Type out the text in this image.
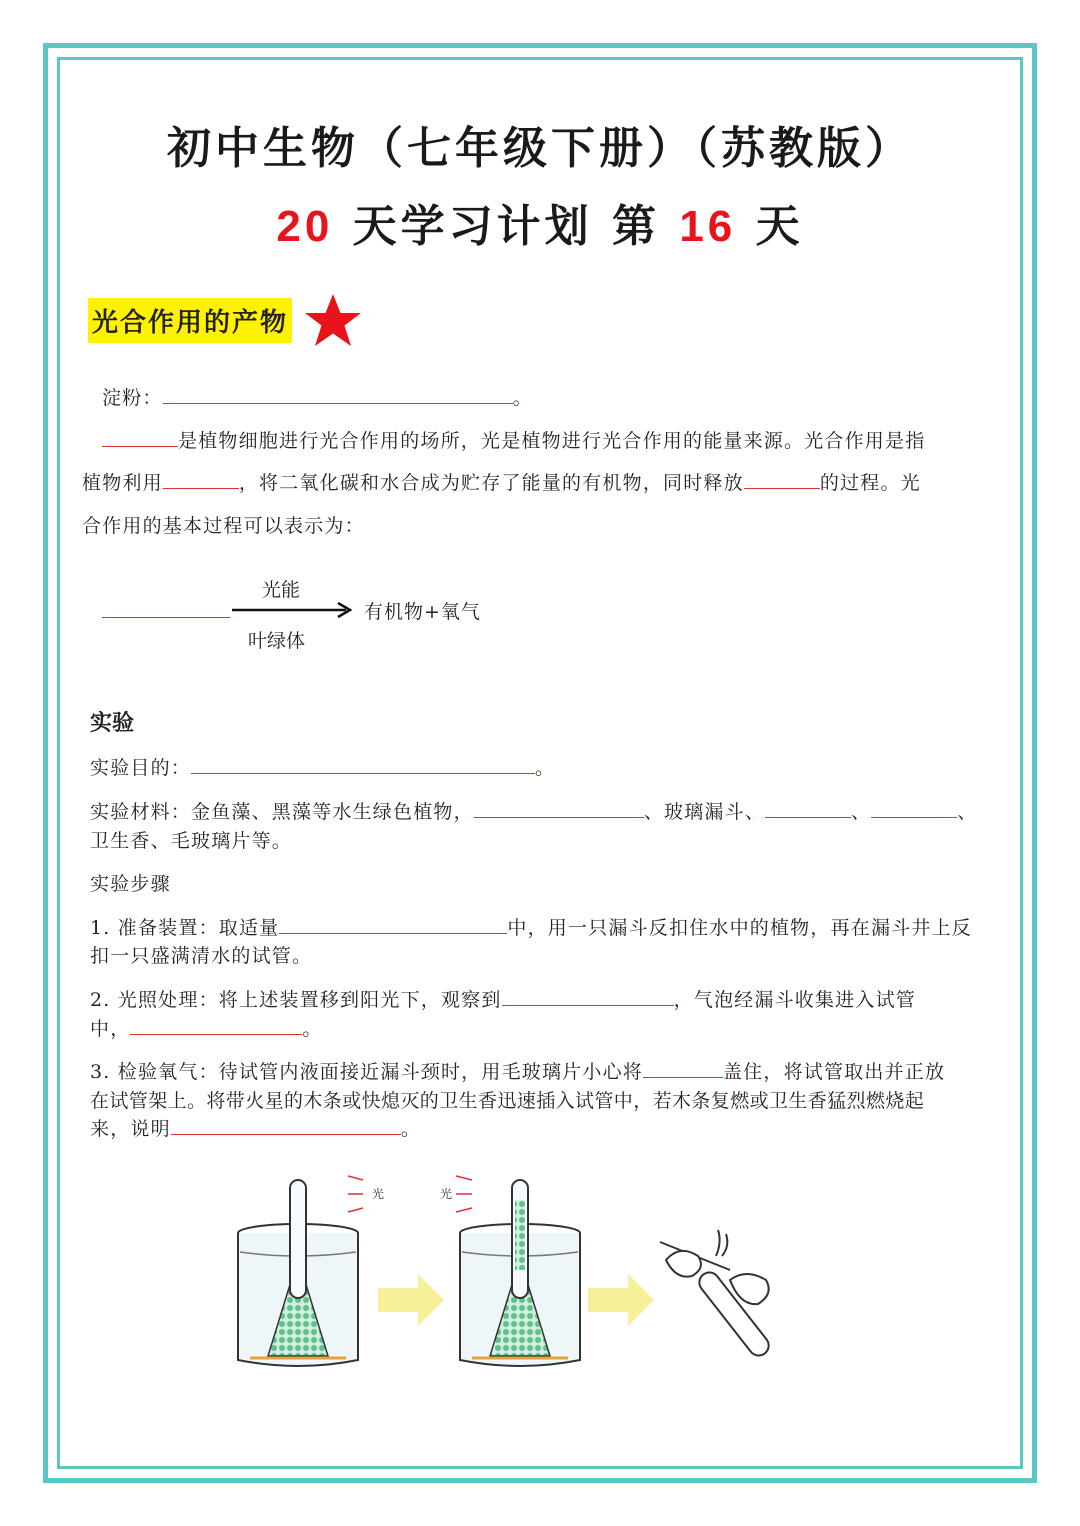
初中生物（七年级下册）（苏教版）
20 天学习计划 第 16 天
光合作用的产物
淀粉：	。
是植物细胞进行光合作用的场所，光是植物进行光合作用的能量来源。光合作用是指
植物利用	，将二氧化碳和水合成为贮存了能量的有机物，同时释放	的过程。光
合作用的基本过程可以表示为：
光能
叶绿体
有机物+氧气
实验
实验目的：	。
实验材料：金鱼藻、黑藻等水生绿色植物，	、玻璃漏斗、	、	、
卫生香、毛玻璃片等。
实验步骤
1. 准备装置：取适量	中，用一只漏斗反扣住水中的植物，再在漏斗井上反
扣一只盛满清水的试管。
2. 光照处理：将上述装置移到阳光下，观察到	，气泡经漏斗收集进入试管
中，	。
3. 检验氧气：待试管内液面接近漏斗颈时，用毛玻璃片小心将	盖住，将试管取出并正放
在试管架上。将带火星的木条或快熄灭的卫生香迅速插入试管中，若木条复燃或卫生香猛烈燃烧起
来，说明	。
光	光
